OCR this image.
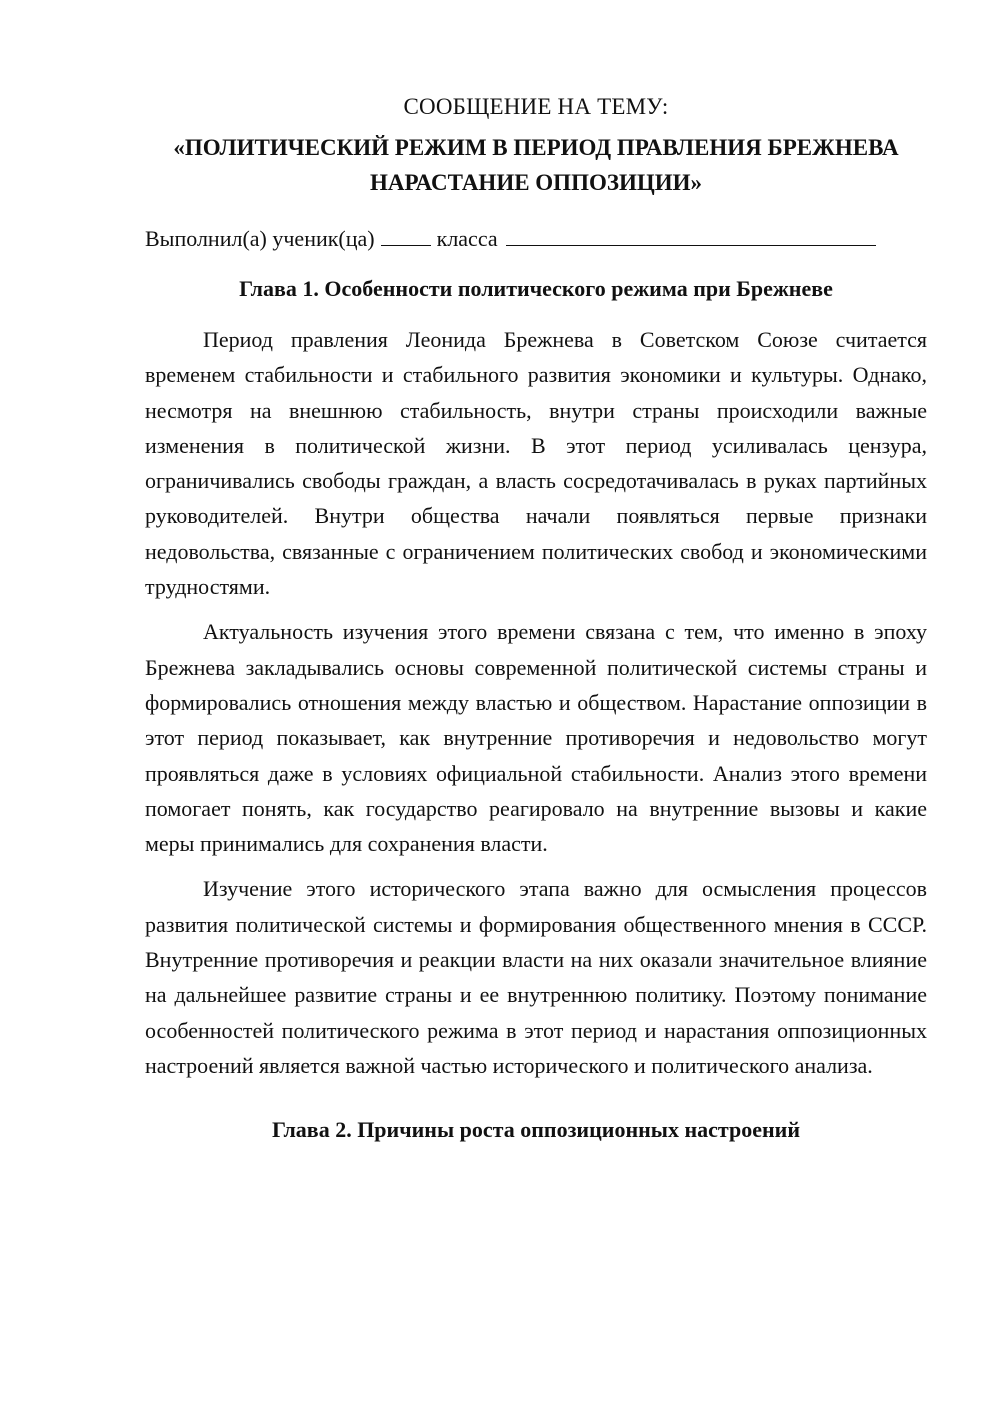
СООБЩЕНИЕ НА ТЕМУ:

«ПОЛИТИЧЕСКИЙ РЕЖИМ В ПЕРИОД ПРАВЛЕНИЯ БРЕЖНЕВА НАРАСТАНИЕ ОППОЗИЦИИ»

Выполнил(а) ученик(ца)	класса

Глава 1. Особенности политического режима при Брежневе

Период правления Леонида Брежнева в Советском Союзе считается временем стабильности и стабильного развития экономики и культуры. Однако, несмотря на внешнюю стабильность, внутри страны происходили важные изменения в политической жизни. В этот период усиливалась цензура, ограничивались свободы граждан, а власть сосредотачивалась в руках партийных руководителей. Внутри общества начали появляться первые признаки недовольства, связанные с ограничением политических свобод и экономическими трудностями.

Актуальность изучения этого времени связана с тем, что именно в эпоху Брежнева закладывались основы современной политической системы страны и формировались отношения между властью и обществом. Нарастание оппозиции в этот период показывает, как внутренние противоречия и недовольство могут проявляться даже в условиях официальной стабильности. Анализ этого времени помогает понять, как государство реагировало на внутренние вызовы и какие меры принимались для сохранения власти.

Изучение этого исторического этапа важно для осмысления процессов развития политической системы и формирования общественного мнения в СССР. Внутренние противоречия и реакции власти на них оказали значительное влияние на дальнейшее развитие страны и ее внутреннюю политику. Поэтому понимание особенностей политического режима в этот период и нарастания оппозиционных настроений является важной частью исторического и политического анализа.

Глава 2. Причины роста оппозиционных настроений
